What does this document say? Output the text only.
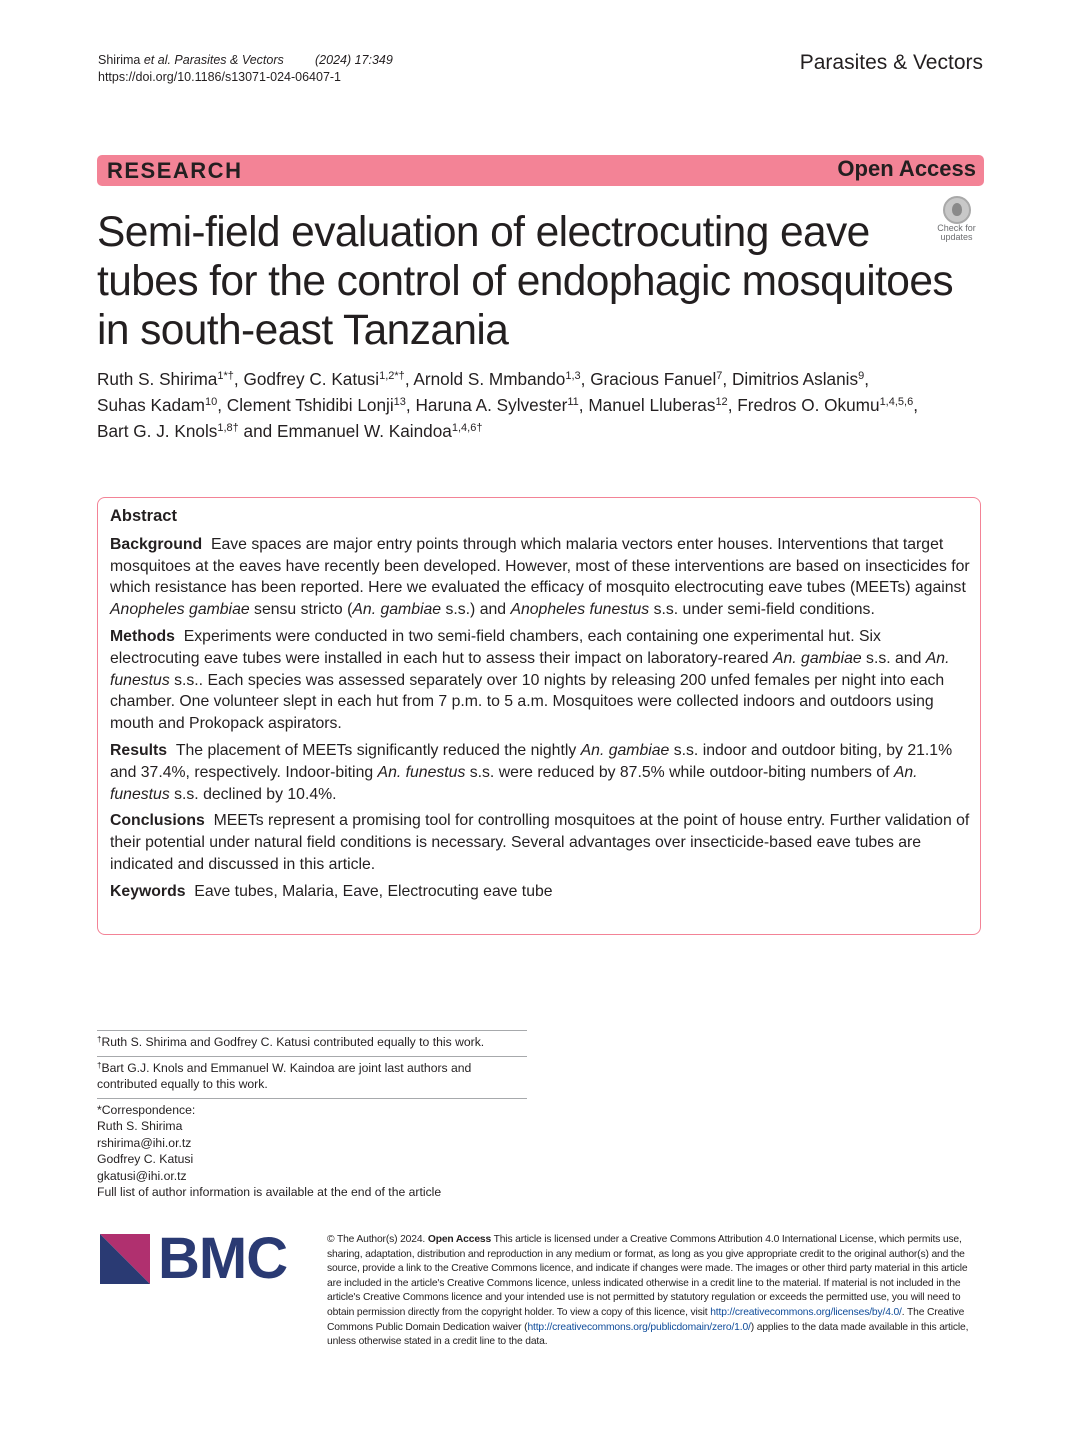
Shirima et al. Parasites & Vectors	(2024) 17:349
https://doi.org/10.1186/s13071-024-06407-1
Parasites & Vectors
RESEARCH	Open Access
Semi-field evaluation of electrocuting eave
tubes for the control of endophagic mosquitoes
in south-east Tanzania
Check for
updates
Ruth S. Shirima$^{1*\dagger}$, Godfrey C. Katusi$^{1,2*\dagger}$, Arnold S. Mmbando$^{1,3}$, Gracious Fanuel$^7$, Dimitrios Aslanis$^9$,
Suhas Kadam$^{10}$, Clement Tshidibi Lonji$^{13}$, Haruna A. Sylvester$^{11}$, Manuel Lluberas$^{12}$, Fredros O. Okumu$^{1,4,5,6}$,
Bart G. J. Knols$^{1,8\dagger}$ and Emmanuel W. Kaindoa$^{1,4,6\dagger}$
Abstract

Background Eave spaces are major entry points through which malaria vectors enter houses. Interventions that target mosquitoes at the eaves have recently been developed. However, most of these interventions are based on insecticides for which resistance has been reported. Here we evaluated the efficacy of mosquito electrocuting eave tubes (MEETs) against Anopheles gambiae sensu stricto (An. gambiae s.s.) and Anopheles funestus s.s. under semi-field conditions.

Methods Experiments were conducted in two semi-field chambers, each containing one experimental hut. Six electrocuting eave tubes were installed in each hut to assess their impact on laboratory-reared An. gambiae s.s. and An. funestus s.s.. Each species was assessed separately over 10 nights by releasing 200 unfed females per night into each chamber. One volunteer slept in each hut from 7 p.m. to 5 a.m. Mosquitoes were collected indoors and outdoors using mouth and Prokopack aspirators.

Results The placement of MEETs significantly reduced the nightly An. gambiae s.s. indoor and outdoor biting, by 21.1% and 37.4%, respectively. Indoor-biting An. funestus s.s. were reduced by 87.5% while outdoor-biting numbers of An. funestus s.s. declined by 10.4%.

Conclusions MEETs represent a promising tool for controlling mosquitoes at the point of house entry. Further validation of their potential under natural field conditions is necessary. Several advantages over insecticide-based eave tubes are indicated and discussed in this article.

Keywords Eave tubes, Malaria, Eave, Electrocuting eave tube

†Ruth S. Shirima and Godfrey C. Katusi contributed equally to this work.
†Bart G.J. Knols and Emmanuel W. Kaindoa are joint last authors and contributed equally to this work.
*Correspondence:
Ruth S. Shirima
rshirima@ihi.or.tz
Godfrey C. Katusi
gkatusi@ihi.or.tz
Full list of author information is available at the end of the article
BMC	© The Author(s) 2024. Open Access This article is licensed under a Creative Commons Attribution 4.0 International License, which permits use, sharing, adaptation, distribution and reproduction in any medium or format, as long as you give appropriate credit to the original author(s) and the source, provide a link to the Creative Commons licence, and indicate if changes were made. The images or other third party material in this article are included in the article's Creative Commons licence, unless indicated otherwise in a credit line to the material. If material is not included in the article's Creative Commons licence and your intended use is not permitted by statutory regulation or exceeds the permitted use, you will need to obtain permission directly from the copyright holder. To view a copy of this licence, visit http://creativecommons.org/licenses/by/4.0/. The Creative Commons Public Domain Dedication waiver (http://creativecommons.org/publicdomain/zero/1.0/) applies to the data made available in this article, unless otherwise stated in a credit line to the data.
